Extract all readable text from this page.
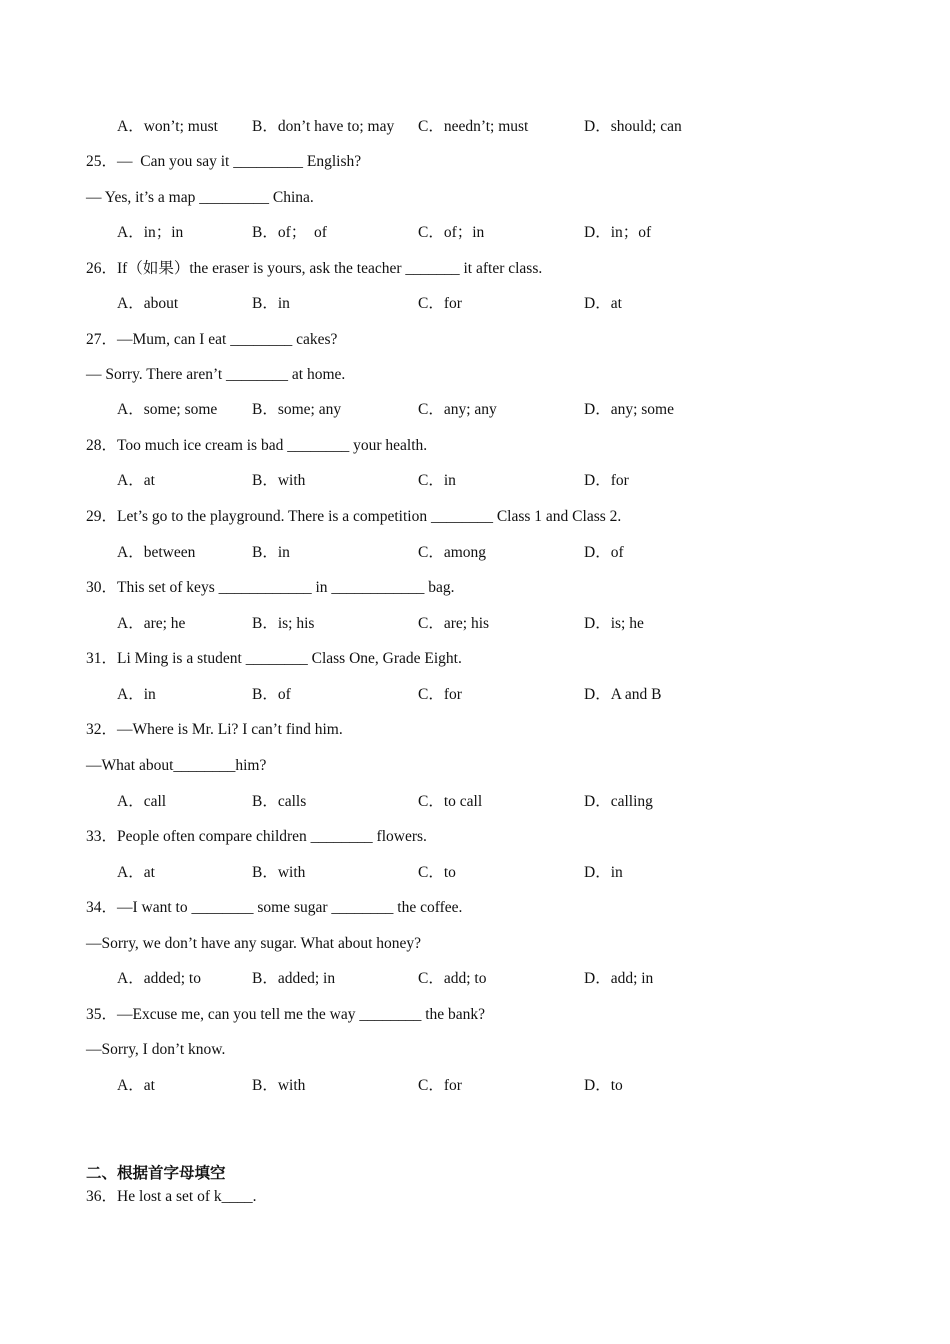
A．won’t; must B．don’t have to; may C．needn’t; must	D．should; can
25．—  Can you say it _________ English?
— Yes, it’s a map _________ China.
A．in；in	B．of；  of	C．of；in	D．in；of
26．If（如果）the eraser is yours, ask the teacher _______ it after class.
A．about	B．in	C．for	D．at
27．—Mum, can I eat ________ cakes?
— Sorry. There aren’t ________ at home.
A．some; some B．some; any	C．any; any	D．any; some
28．Too much ice cream is bad ________ your health.
A．at	B．with	C．in	D．for
29．Let’s go to the playground. There is a competition ________ Class 1 and Class 2.
A．between	B．in	C．among	D．of
30．This set of keys ____________ in ____________ bag.
A．are; he	B．is; his	C．are; his	D．is; he
31．Li Ming is a student ________ Class One, Grade Eight.
A．in	B．of	C．for	D．A and B
32．—Where is Mr. Li? I can’t find him.
—What about________him?
A．call	B．calls	C．to call	D．calling
33．People often compare children ________ flowers.
A．at	B．with	C．to	D．in
34．—I want to ________ some sugar ________ the coffee.
—Sorry, we don’t have any sugar. What about honey?
A．added; to	B．added; in	C．add; to	D．add; in
35．—Excuse me, can you tell me the way ________ the bank?
—Sorry, I don’t know.
A．at	B．with	C．for	D．to
二、根据首字母填空
36．He lost a set of k____.
